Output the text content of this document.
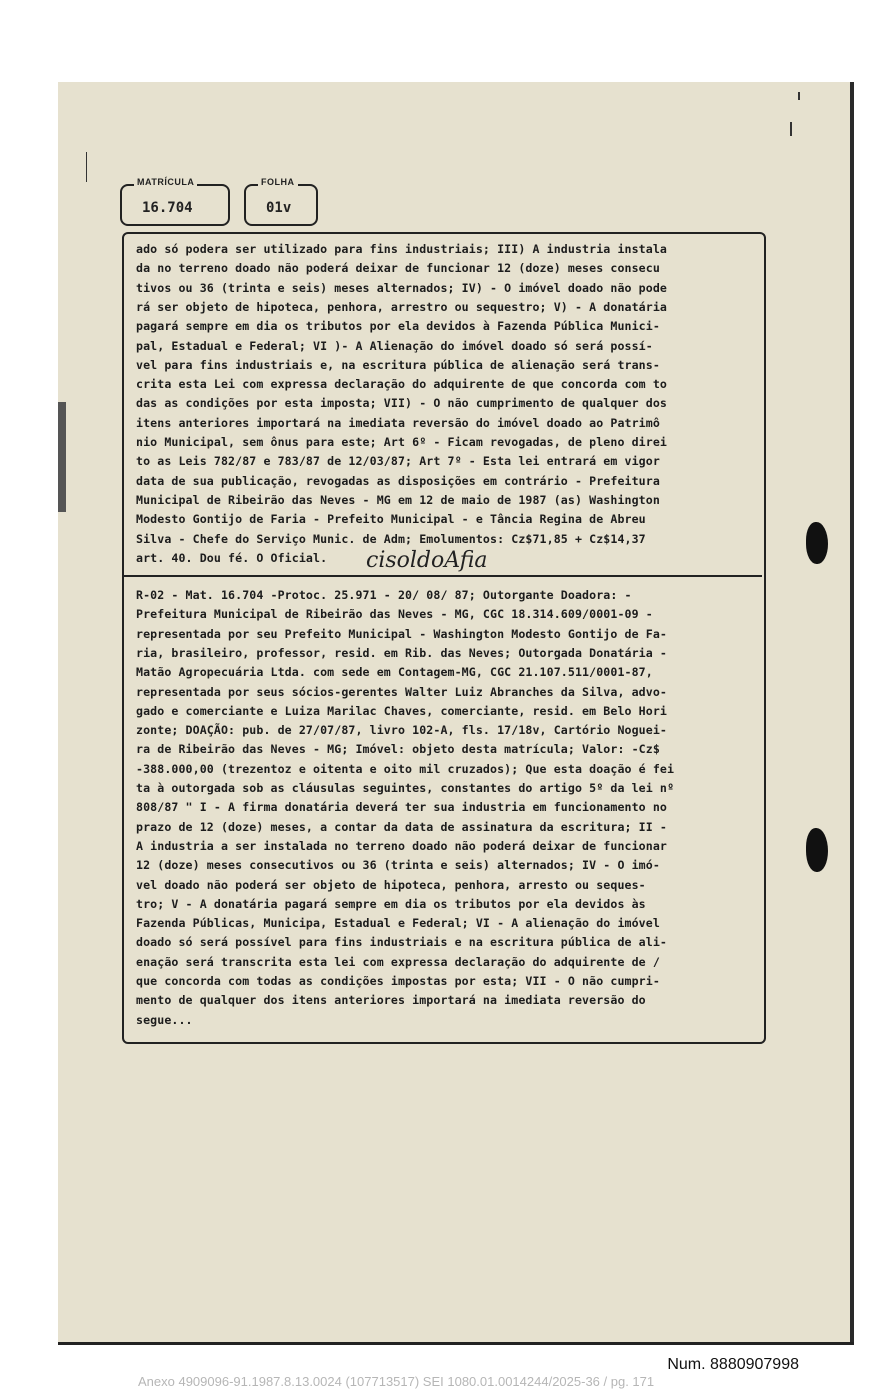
MATRÍCULA
16.704
FOLHA
01v
ado só podera ser utilizado para fins industriais; III) A industria instala
da no terreno doado não poderá deixar de funcionar 12 (doze) meses consecu
tivos ou 36 (trinta e seis) meses alternados; IV) - O imóvel doado não pode
rá ser objeto de hipoteca, penhora, arrestro ou sequestro; V) - A donatária
pagará sempre em dia os tributos por ela devidos à Fazenda Pública Munici-
pal, Estadual e Federal; VI )- A Alienação do imóvel doado só será possí-
vel para fins industriais e, na escritura pública de alienação será trans-
crita esta Lei com expressa declaração do adquirente de que concorda com to
das as condições por esta imposta; VII) - O não cumprimento de qualquer dos
itens anteriores importará na imediata reversão do imóvel doado ao Patrimô
nio Municipal, sem ônus para este; Art 6º - Ficam revogadas, de pleno direi
to as Leis 782/87 e 783/87 de 12/03/87; Art 7º - Esta lei entrará em vigor
data de sua publicação, revogadas as disposições em contrário - Prefeitura
Municipal de Ribeirão das Neves - MG em 12 de maio de 1987 (as) Washington
Modesto Gontijo de Faria - Prefeito Municipal - e Tância Regina de Abreu
Silva - Chefe do Serviço Munic. de Adm; Emolumentos: Cz$71,85 + Cz$14,37
art. 40. Dou fé. O Oficial. cisoldoAfia
R-02 - Mat. 16.704 -Protoc. 25.971 - 20/ 08/ 87; Outorgante Doadora: -
Prefeitura Municipal de Ribeirão das Neves - MG, CGC 18.314.609/0001-09 -
representada por seu Prefeito Municipal - Washington Modesto Gontijo de Fa-
ria, brasileiro, professor, resid. em Rib. das Neves; Outorgada Donatária -
Matão Agropecuária Ltda. com sede em Contagem-MG, CGC 21.107.511/0001-87,
representada por seus sócios-gerentes Walter Luiz Abranches da Silva, advo-
gado e comerciante e Luiza Marilac Chaves, comerciante, resid. em Belo Hori
zonte; DOAÇÃO: pub. de 27/07/87, livro 102-A, fls. 17/18v, Cartório Noguei-
ra de Ribeirão das Neves - MG; Imóvel: objeto desta matrícula; Valor: -Cz$
-388.000,00 (trezentoz e oitenta e oito mil cruzados); Que esta doação é fei
ta à outorgada sob as cláusulas seguintes, constantes do artigo 5º da lei nº
808/87 " I - A firma donatária deverá ter sua industria em funcionamento no
prazo de 12 (doze) meses, a contar da data de assinatura da escritura; II -
A industria a ser instalada no terreno doado não poderá deixar de funcionar
12 (doze) meses consecutivos ou 36 (trinta e seis) alternados; IV - O imó-
vel doado não poderá ser objeto de hipoteca, penhora, arresto ou seques-
tro; V - A donatária pagará sempre em dia os tributos por ela devidos às
Fazenda Públicas, Municipa, Estadual e Federal; VI - A alienação do imóvel
doado só será possível para fins industriais e na escritura pública de ali-
enação será transcrita esta lei com expressa declaração do adquirente de /
que concorda com todas as condições impostas por esta; VII - O não cumpri-
mento de qualquer dos itens anteriores importará na imediata reversão do
segue...
Num. 8880907998
Anexo 4909096-91.1987.8.13.0024 (107713517) SEI 1080.01.0014244/2025-36 / pg. 171
